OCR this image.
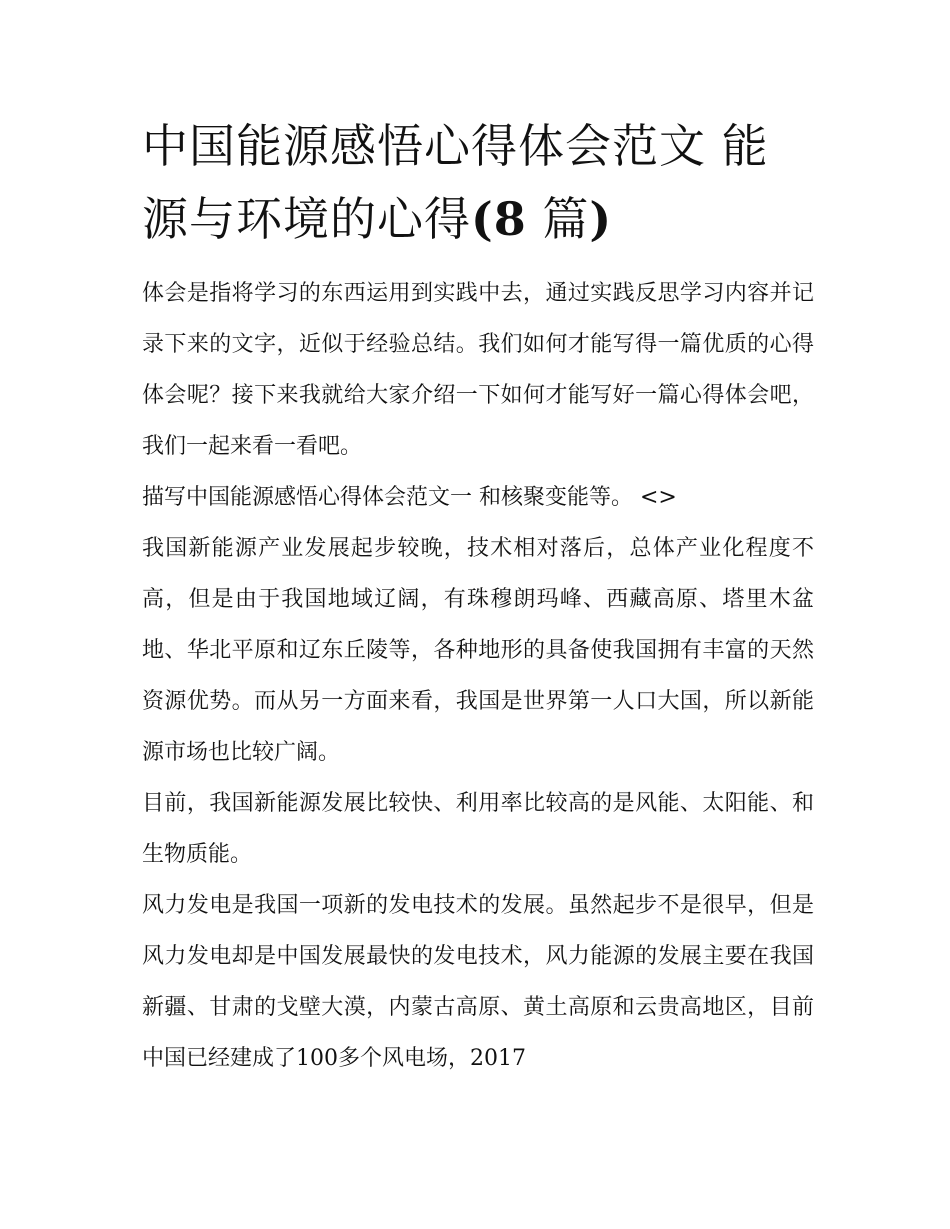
中国能源感悟心得体会范文 能源与环境的心得(8 篇)

体会是指将学习的东西运用到实践中去，通过实践反思学习内容并记录下来的文字，近似于经验总结。我们如何才能写得一篇优质的心得体会呢？接下来我就给大家介绍一下如何才能写好一篇心得体会吧，我们一起来看一看吧。

描写中国能源感悟心得体会范文一 和核聚变能等。 <>

我国新能源产业发展起步较晚，技术相对落后，总体产业化程度不高，但是由于我国地域辽阔，有珠穆朗玛峰、西藏高原、塔里木盆地、华北平原和辽东丘陵等，各种地形的具备使我国拥有丰富的天然资源优势。而从另一方面来看，我国是世界第一人口大国，所以新能源市场也比较广阔。

目前，我国新能源发展比较快、利用率比较高的是风能、太阳能、和生物质能。

风力发电是我国一项新的发电技术的发展。虽然起步不是很早，但是风力发电却是中国发展最快的发电技术，风力能源的发展主要在我国新疆、甘肃的戈壁大漠，内蒙古高原、黄土高原和云贵高地区，目前中国已经建成了100多个风电场，2017
